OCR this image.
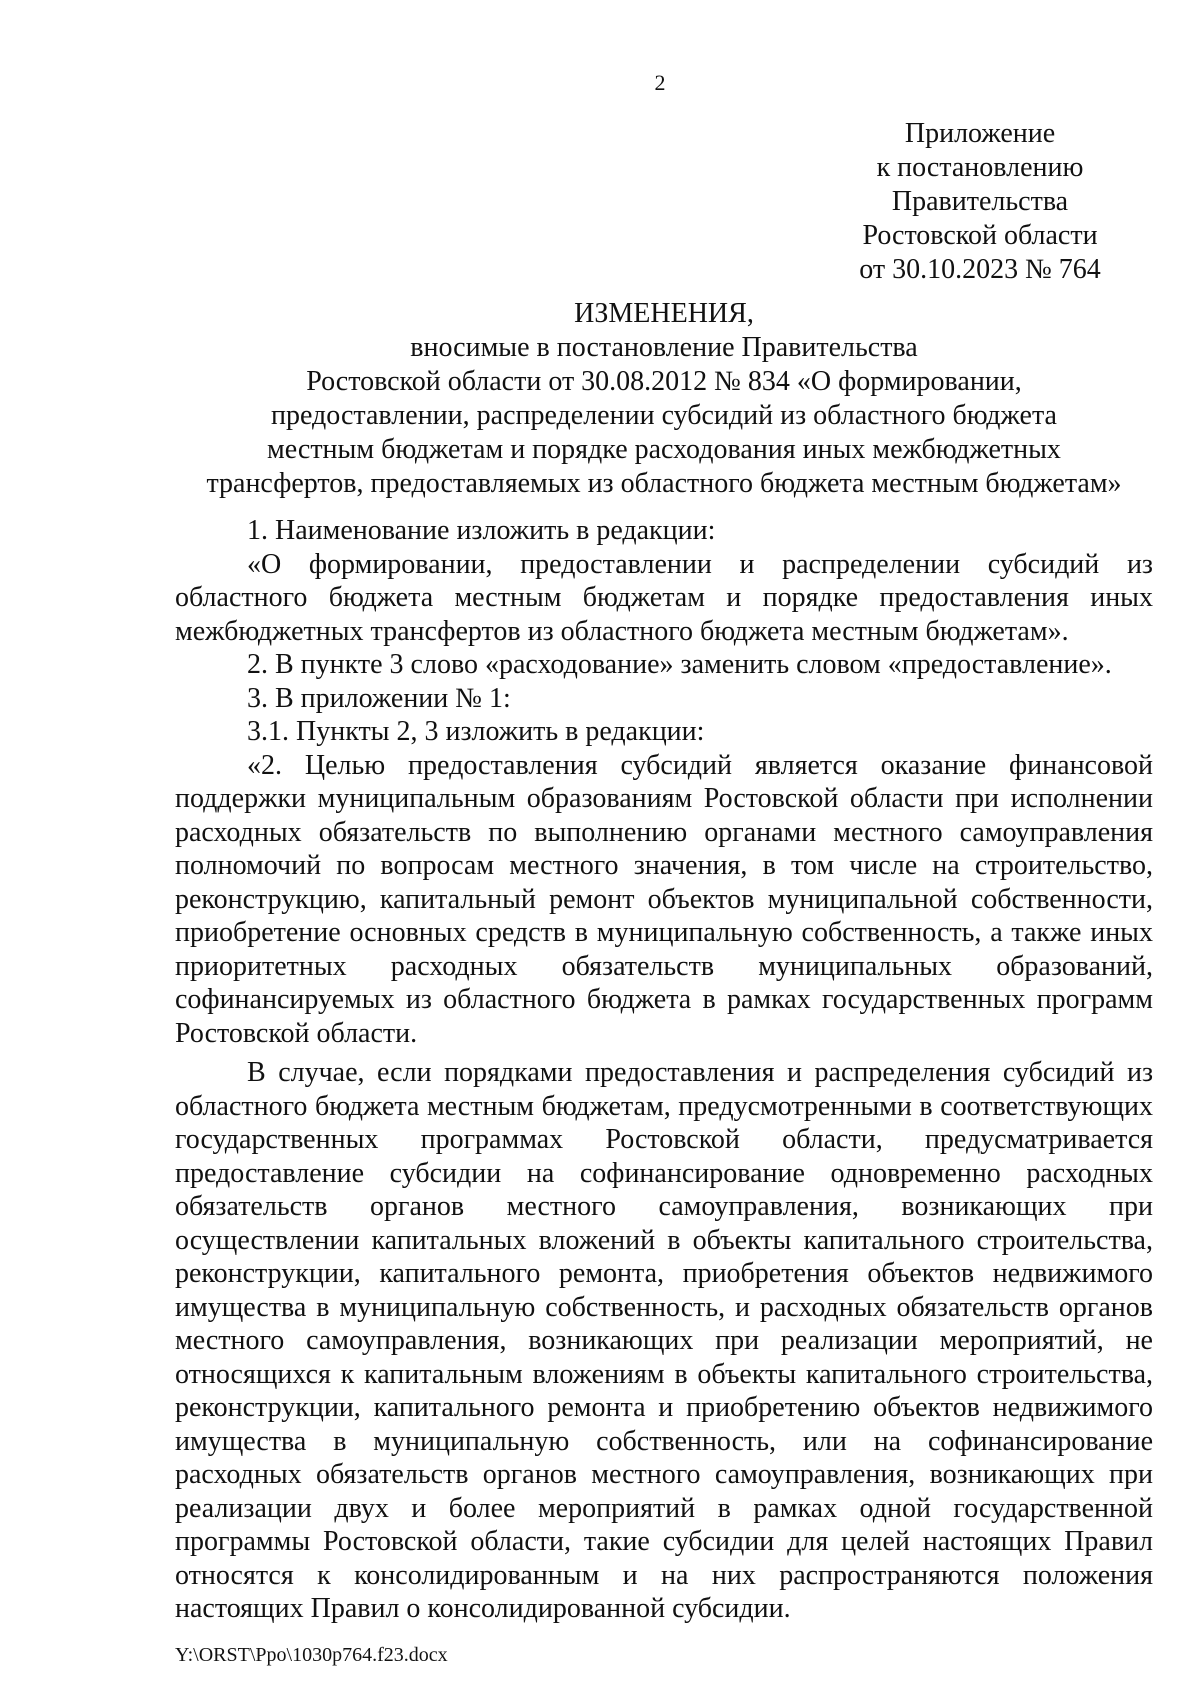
2
Приложение
к постановлению
Правительства
Ростовской области
от 30.10.2023 № 764
ИЗМЕНЕНИЯ,
вносимые в постановление Правительства
Ростовской области от 30.08.2012 № 834 «О формировании,
предоставлении, распределении субсидий из областного бюджета
местным бюджетам и порядке расходования иных межбюджетных
трансфертов, предоставляемых из областного бюджета местным бюджетам»

1. Наименование изложить в редакции:

«О формировании, предоставлении и распределении субсидий из областного бюджета местным бюджетам и порядке предоставления иных межбюджетных трансфертов из областного бюджета местным бюджетам».

2. В пункте 3 слово «расходование» заменить словом «предоставление».

3. В приложении № 1:

3.1. Пункты 2, 3 изложить в редакции:

«2. Целью предоставления субсидий является оказание финансовой поддержки муниципальным образованиям Ростовской области при исполнении расходных обязательств по выполнению органами местного самоуправления полномочий по вопросам местного значения, в том числе на строительство, реконструкцию, капитальный ремонт объектов муниципальной собственности, приобретение основных средств в муниципальную собственность, а также иных приоритетных расходных обязательств муниципальных образований, софинансируемых из областного бюджета в рамках государственных программ Ростовской области.

В случае, если порядками предоставления и распределения субсидий из областного бюджета местным бюджетам, предусмотренными в соответствующих государственных программах Ростовской области, предусматривается предоставление субсидии на софинансирование одновременно расходных обязательств органов местного самоуправления, возникающих при осуществлении капитальных вложений в объекты капитального строительства, реконструкции, капитального ремонта, приобретения объектов недвижимого имущества в муниципальную собственность, и расходных обязательств органов местного самоуправления, возникающих при реализации мероприятий, не относящихся к капитальным вложениям в объекты капитального строительства, реконструкции, капитального ремонта и приобретению объектов недвижимого имущества в муниципальную собственность, или на софинансирование расходных обязательств органов местного самоуправления, возникающих при реализации двух и более мероприятий в рамках одной государственной программы Ростовской области, такие субсидии для целей настоящих Правил относятся к консолидированным и на них распространяются положения настоящих Правил о консолидированной субсидии.

Y:\ORST\Ppo\1030p764.f23.docx
